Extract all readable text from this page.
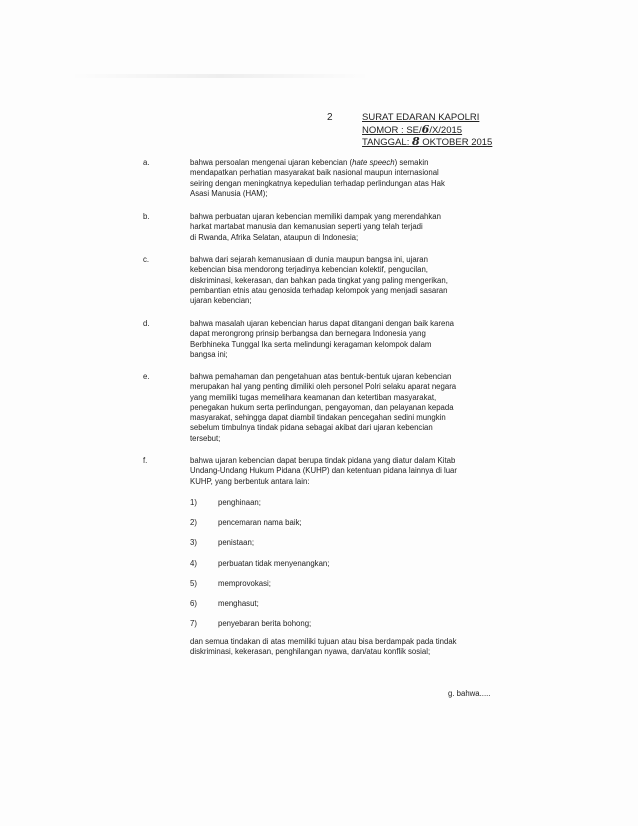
2	SURAT EDARAN KAPOLRI
NOMOR : SE/6/X/2015
TANGGAL: 8 OKTOBER 2015
a.	bahwa persoalan mengenai ujaran kebencian (hate speech) semakin
mendapatkan perhatian masyarakat baik nasional maupun internasional
seiring dengan meningkatnya kepedulian terhadap perlindungan atas Hak
Asasi Manusia (HAM);
b.	bahwa perbuatan ujaran kebencian memiliki dampak yang merendahkan
harkat martabat manusia dan kemanusian seperti yang telah terjadi
di Rwanda, Afrika Selatan, ataupun di Indonesia;
c.	bahwa dari sejarah kemanusiaan di dunia maupun bangsa ini, ujaran
kebencian bisa mendorong terjadinya kebencian kolektif, pengucilan,
diskriminasi, kekerasan, dan bahkan pada tingkat yang paling mengerikan,
pembantian etnis atau genosida terhadap kelompok yang menjadi sasaran
ujaran kebencian;
d.	bahwa masalah ujaran kebencian harus dapat ditangani dengan baik karena
dapat merongrong prinsip berbangsa dan bernegara Indonesia yang
Berbhineka Tunggal Ika serta melindungi keragaman kelompok dalam
bangsa ini;
e.	bahwa pemahaman dan pengetahuan atas bentuk-bentuk ujaran kebencian
merupakan hal yang penting dimiliki oleh personel Polri selaku aparat negara
yang memiliki tugas memelihara keamanan dan ketertiban masyarakat,
penegakan hukum serta perlindungan, pengayoman, dan pelayanan kepada
masyarakat, sehingga dapat diambil tindakan pencegahan sedini mungkin
sebelum timbulnya tindak pidana sebagai akibat dari ujaran kebencian
tersebut;
f.	bahwa ujaran kebencian dapat berupa tindak pidana yang diatur dalam Kitab
Undang-Undang Hukum Pidana (KUHP) dan ketentuan pidana lainnya di luar
KUHP, yang berbentuk antara lain:
1)	penghinaan;
2)	pencemaran nama baik;
3)	penistaan;
4)	perbuatan tidak menyenangkan;
5)	memprovokasi;
6)	menghasut;
7)	penyebaran berita bohong;
dan semua tindakan di atas memiliki tujuan atau bisa berdampak pada tindak
diskriminasi, kekerasan, penghilangan nyawa, dan/atau konflik sosial;
g. bahwa.....
